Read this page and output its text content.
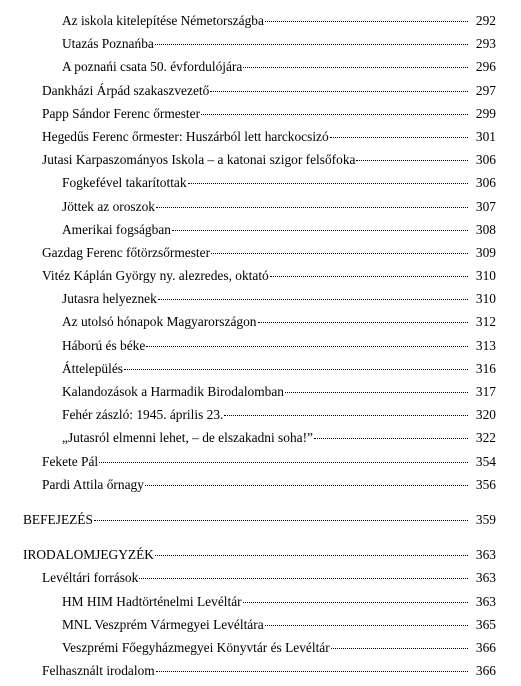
Az iskola kitelepítése Németországba	292
Utazás Poznańba	293
A poznańi csata 50. évfordulójára	296
Dankházi Árpád szakaszvezető	297
Papp Sándor Ferenc őrmester	299
Hegedűs Ferenc őrmester: Huszárból lett harckocsizó	301
Jutasi Karpaszományos Iskola – a katonai szigor felsőfoka	306
Fogkefével takarítottak	306
Jöttek az oroszok	307
Amerikai fogságban	308
Gazdag Ferenc főtörzsőrmester	309
Vitéz Káplán György ny. alezredes, oktató	310
Jutasra helyeznek	310
Az utolsó hónapok Magyarországon	312
Háború és béke	313
Áttelepülés	316
Kalandozások a Harmadik Birodalomban	317
Fehér zászló: 1945. április 23.	320
„Jutasról elmenni lehet, – de elszakadni soha!”	322
Fekete Pál	354
Pardi Attila őrnagy	356
BEFEJEZÉS	359
IRODALOMJEGYZÉK	363
Levéltári források	363
HM HIM Hadtörténelmi Levéltár	363
MNL Veszprém Vármegyei Levéltára	365
Veszprémi Főegyházmegyei Könyvtár és Levéltár	366
Felhasznált irodalom	366
